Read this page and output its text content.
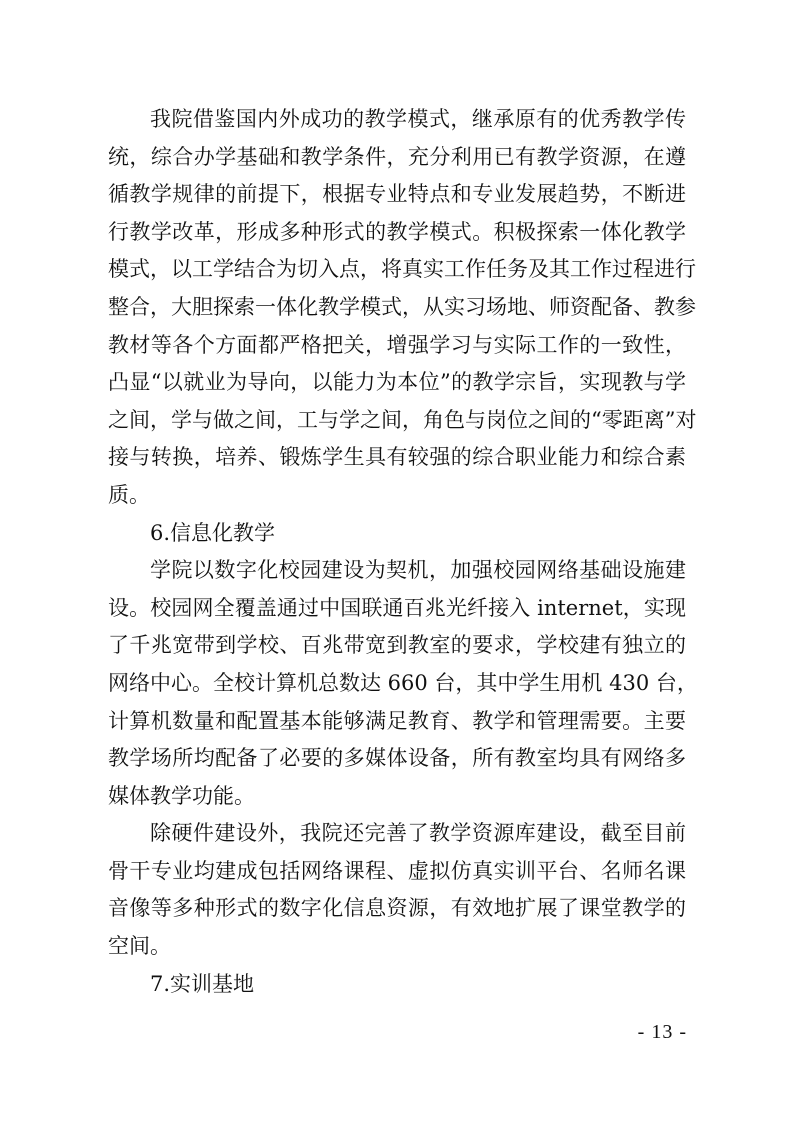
我院借鉴国内外成功的教学模式，继承原有的优秀教学传
统，综合办学基础和教学条件，充分利用已有教学资源，在遵
循教学规律的前提下，根据专业特点和专业发展趋势，不断进
行教学改革，形成多种形式的教学模式。积极探索一体化教学
模式，以工学结合为切入点，将真实工作任务及其工作过程进行
整合，大胆探索一体化教学模式，从实习场地、师资配备、教参
教材等各个方面都严格把关，增强学习与实际工作的一致性，
凸显“以就业为导向，以能力为本位”的教学宗旨，实现教与学
之间，学与做之间，工与学之间，角色与岗位之间的“零距离”对
接与转换，培养、锻炼学生具有较强的综合职业能力和综合素
质。
6.信息化教学
学院以数字化校园建设为契机，加强校园网络基础设施建
设。校园网全覆盖通过中国联通百兆光纤接入 internet，实现
了千兆宽带到学校、百兆带宽到教室的要求，学校建有独立的
网络中心。全校计算机总数达 660 台，其中学生用机 430 台，
计算机数量和配置基本能够满足教育、教学和管理需要。主要
教学场所均配备了必要的多媒体设备，所有教室均具有网络多
媒体教学功能。
除硬件建设外，我院还完善了教学资源库建设，截至目前
骨干专业均建成包括网络课程、虚拟仿真实训平台、名师名课
音像等多种形式的数字化信息资源，有效地扩展了课堂教学的
空间。
7.实训基地
- 13 -
